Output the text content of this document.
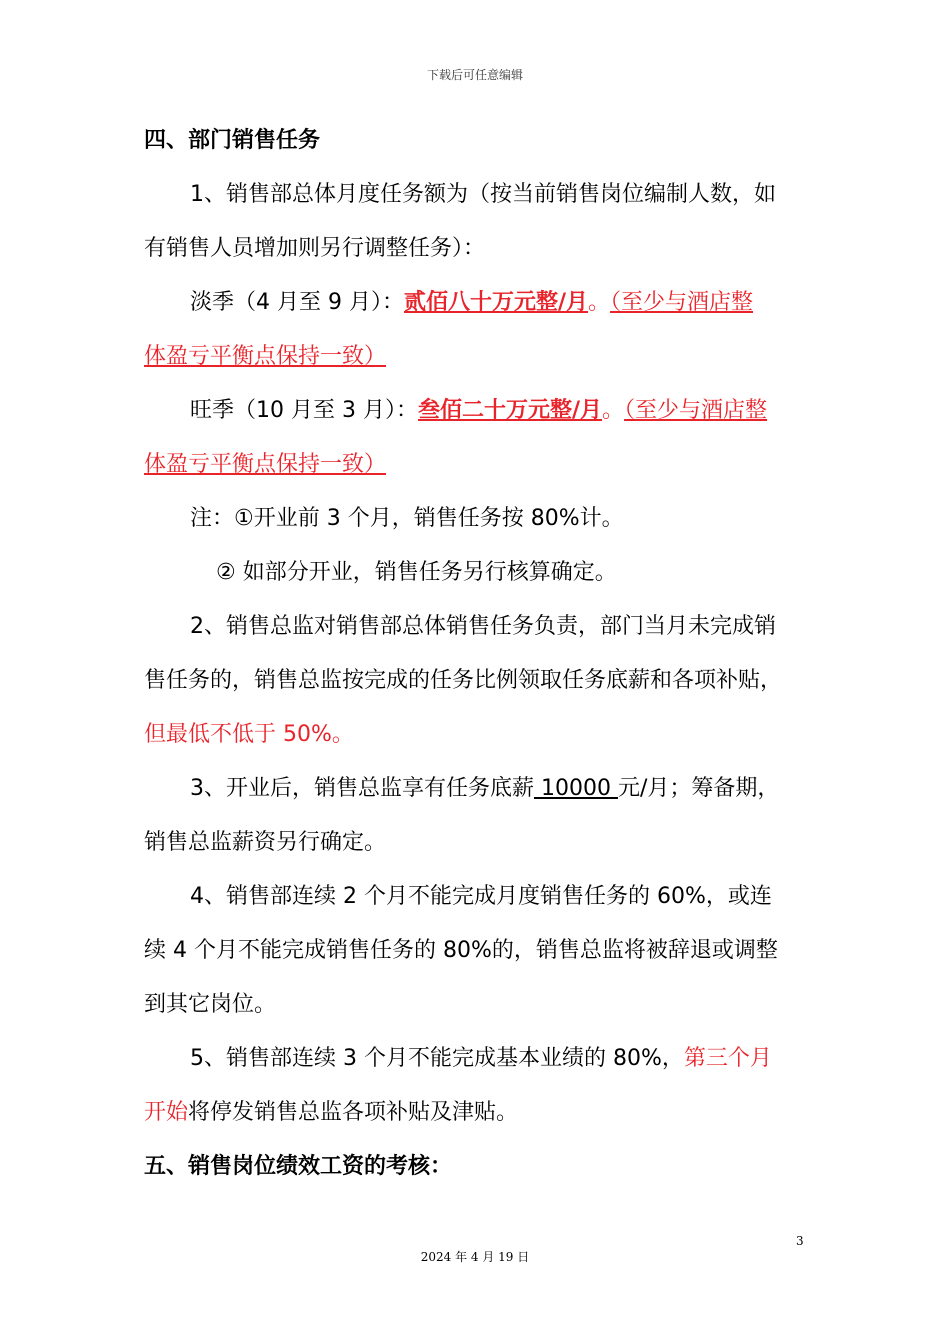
下载后可任意编辑
四、部门销售任务
1、销售部总体月度任务额为（按当前销售岗位编制人数，如
有销售人员增加则另行调整任务）：
淡季（4 月至 9 月）：贰佰八十万元整/月。（至少与酒店整
体盈亏平衡点保持一致）
旺季（10 月至 3 月）：叁佰二十万元整/月。（至少与酒店整
体盈亏平衡点保持一致）
注：①开业前 3 个月，销售任务按 80%计。
② 如部分开业，销售任务另行核算确定。
2、销售总监对销售部总体销售任务负责，部门当月未完成销
售任务的，销售总监按完成的任务比例领取任务底薪和各项补贴，
但最低不低于 50%。
3、开业后，销售总监享有任务底薪 10000 元/月；筹备期，
销售总监薪资另行确定。
4、销售部连续 2 个月不能完成月度销售任务的 60%，或连
续 4 个月不能完成销售任务的 80%的，销售总监将被辞退或调整
到其它岗位。
5、销售部连续 3 个月不能完成基本业绩的 80%，第三个月
开始将停发销售总监各项补贴及津贴。
五、销售岗位绩效工资的考核：
3
2024 年 4 月 19 日
